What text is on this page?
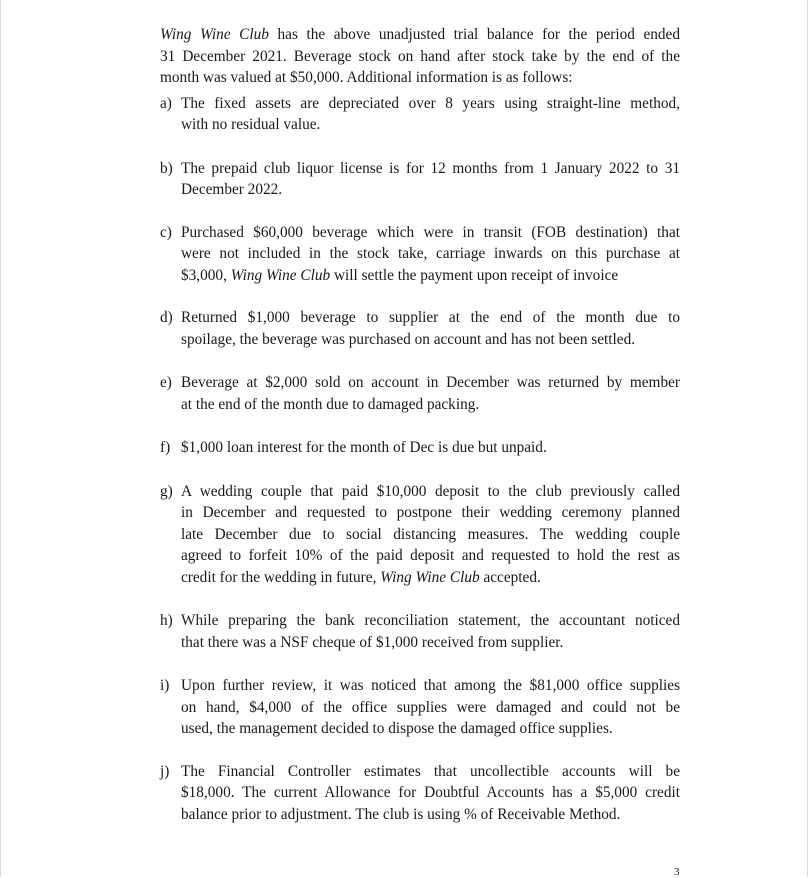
Wing Wine Club has the above unadjusted trial balance for the period ended
31 December 2021. Beverage stock on hand after stock take by the end of the
month was valued at $50,000. Additional information is as follows:

a) The fixed assets are depreciated over 8 years using straight-line method,
with no residual value.
b) The prepaid club liquor license is for 12 months from 1 January 2022 to 31
December 2022.
c) Purchased $60,000 beverage which were in transit (FOB destination) that
were not included in the stock take, carriage inwards on this purchase at
$3,000, Wing Wine Club will settle the payment upon receipt of invoice
d) Returned $1,000 beverage to supplier at the end of the month due to
spoilage, the beverage was purchased on account and has not been settled.
e) Beverage at $2,000 sold on account in December was returned by member
at the end of the month due to damaged packing.
f) $1,000 loan interest for the month of Dec is due but unpaid.
g) A wedding couple that paid $10,000 deposit to the club previously called
in December and requested to postpone their wedding ceremony planned
late December due to social distancing measures. The wedding couple
agreed to forfeit 10% of the paid deposit and requested to hold the rest as
credit for the wedding in future, Wing Wine Club accepted.
h) While preparing the bank reconciliation statement, the accountant noticed
that there was a NSF cheque of $1,000 received from supplier.
i) Upon further review, it was noticed that among the $81,000 office supplies
on hand, $4,000 of the office supplies were damaged and could not be
used, the management decided to dispose the damaged office supplies.
j) The Financial Controller estimates that uncollectible accounts will be
$18,000. The current Allowance for Doubtful Accounts has a $5,000 credit
balance prior to adjustment. The club is using % of Receivable Method.
3
